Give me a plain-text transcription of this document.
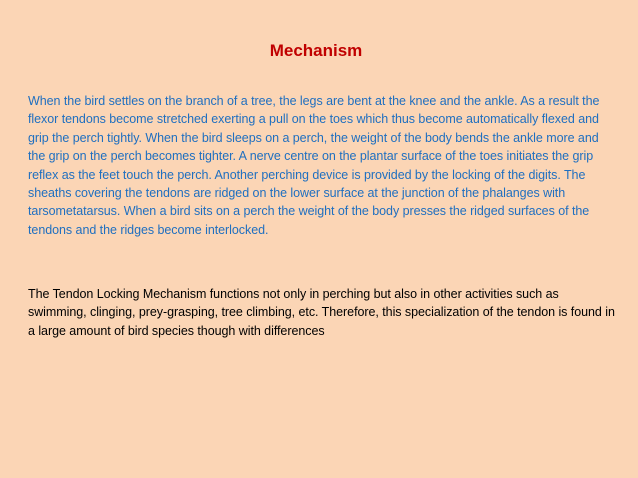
Mechanism

When the bird settles on the branch of a tree, the legs are bent at the knee and the ankle. As a result the flexor tendons become stretched exerting a pull on the toes which thus become automatically flexed and grip the perch tightly. When the bird sleeps on a perch, the weight of the body bends the ankle more and the grip on the perch becomes tighter. A nerve centre on the plantar surface of the toes initiates the grip reflex as the feet touch the perch. Another perching device is provided by the locking of the digits. The sheaths covering the tendons are ridged on the lower surface at the junction of the phalanges with tarsometatarsus. When a bird sits on a perch the weight of the body presses the ridged surfaces of the tendons and the ridges become interlocked.

The Tendon Locking Mechanism functions not only in perching but also in other activities such as swimming, clinging, prey-grasping, tree climbing, etc. Therefore, this specialization of the tendon is found in a large amount of bird species though with differences
